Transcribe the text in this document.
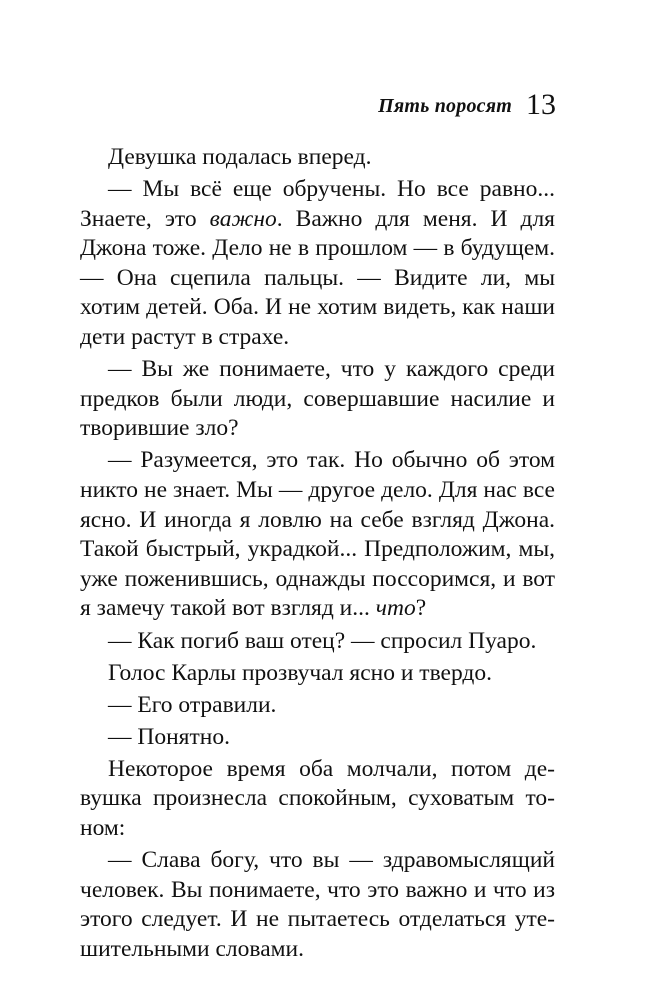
Пять поросят 13

Девушка подалась вперед.

— Мы всё еще обручены. Но все равно... Знаете, это важно. Важно для меня. И для Джона тоже. Дело не в прошлом — в будущем. — Она сцепила пальцы. — Видите ли, мы хотим детей. Оба. И не хотим видеть, как наши дети растут в страхе.

— Вы же понимаете, что у каждого среди предков были люди, совершавшие насилие и творившие зло?

— Разумеется, это так. Но обычно об этом никто не знает. Мы — другое дело. Для нас все ясно. И иногда я ловлю на себе взгляд Джона. Такой быстрый, украдкой... Предположим, мы, уже поженившись, однажды поссоримся, и вот я замечу такой вот взгляд и... что?

— Как погиб ваш отец? — спросил Пуаро.

Голос Карлы прозвучал ясно и твердо.

— Его отравили.

— Понятно.

Некоторое время оба молчали, потом девушка произнесла спокойным, суховатым тоном:

— Слава богу, что вы — здравомыслящий человек. Вы понимаете, что это важно и что из этого следует. И не пытаетесь отделаться утешительными словами.
